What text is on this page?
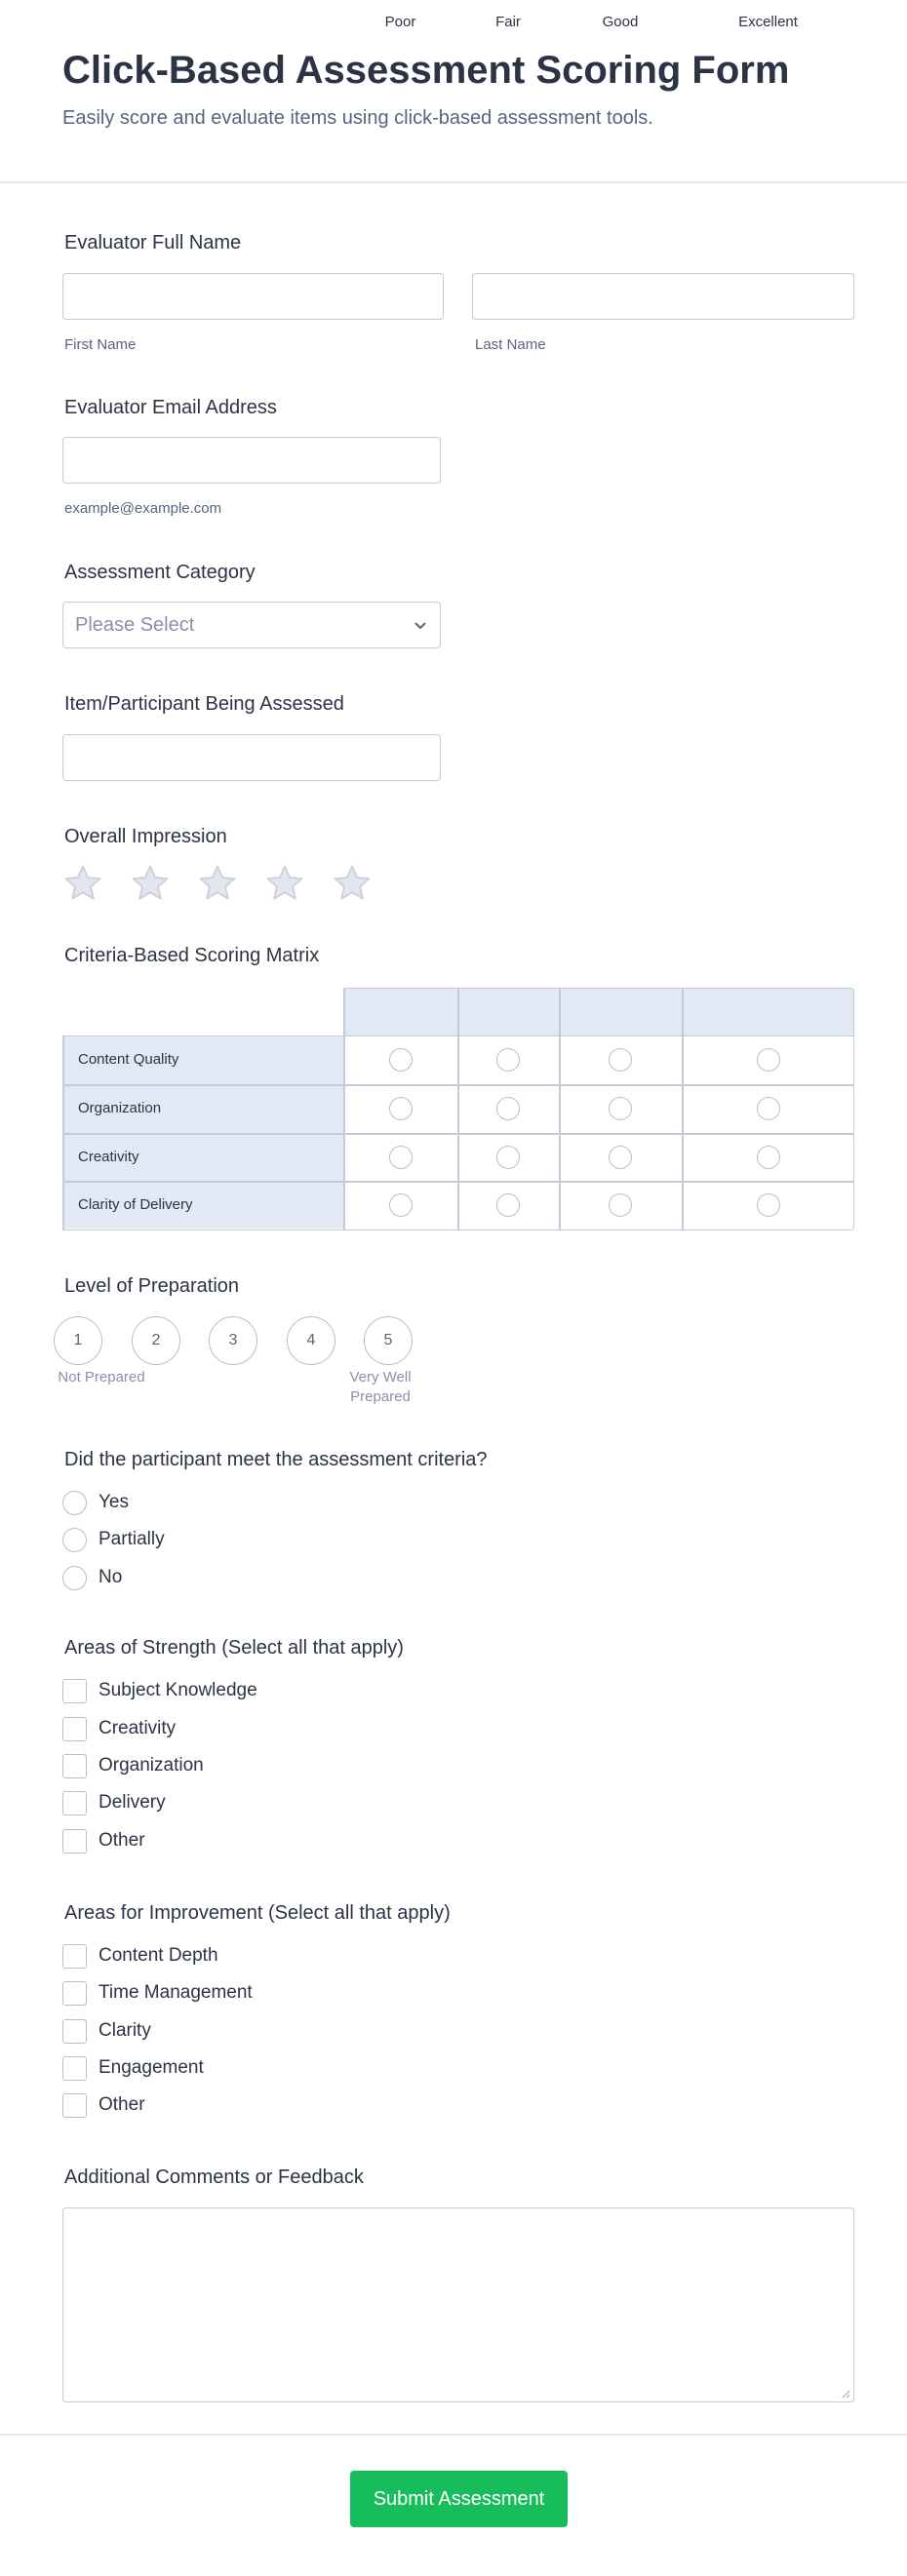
Click-Based Assessment Scoring Form
Easily score and evaluate items using click-based assessment tools.
Evaluator Full Name
First Name	Last Name
Evaluator Email Address
example@example.com
Assessment Category
Please Select
Item/Participant Being Assessed
Overall Impression
Criteria-Based Scoring Matrix
Poor	Fair	Good	Excellent
Content Quality
Organization
Creativity
Clarity of Delivery
Level of Preparation
1	2	3	4	5
Not Prepared	Very Well
Prepared
Did the participant meet the assessment criteria?
Yes
Partially
No
Areas of Strength (Select all that apply)
Subject Knowledge
Creativity
Organization
Delivery
Other
Areas for Improvement (Select all that apply)
Content Depth
Time Management
Clarity
Engagement
Other
Additional Comments or Feedback
Submit Assessment
